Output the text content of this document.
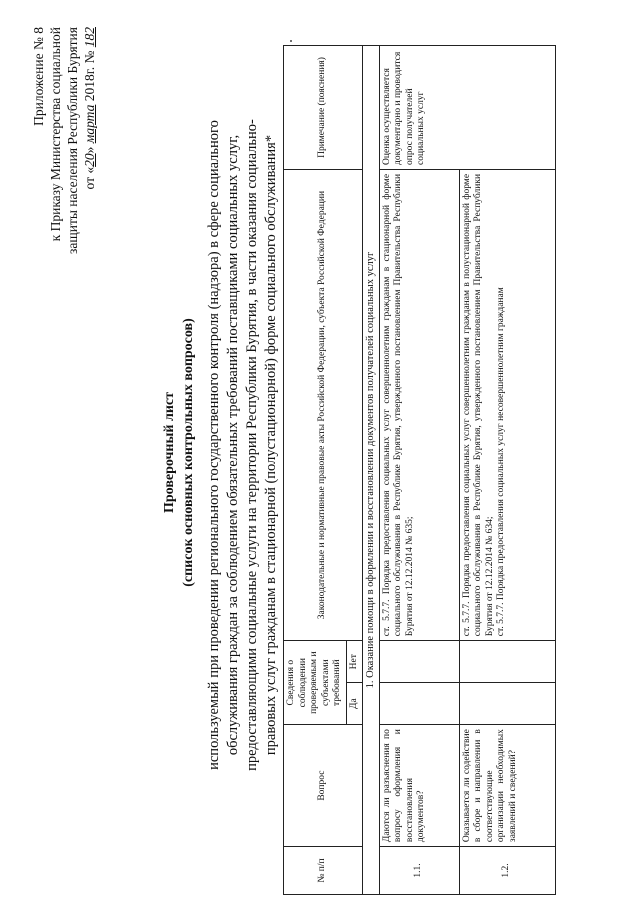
Приложение № 8 к Приказу Министерства социальной защиты населения Республики Бурятия от «20» марта 2018г. № 182
Проверочный лист (список основных контрольных вопросов) используемый при проведении регионального государственного контроля (надзора) в сфере социального обслуживания граждан за соблюдением обязательных требований поставщиками социальных услуг, предоставляющими социальные услуги на территории Республики Бурятия, в части оказания социально-правовых услуг гражданам в стационарной (полустационарной) форме социального обслуживания*
№ п/п	Вопрос	Сведения о соблюдении проверяемым и субъектами требований		Законодательные и нормативные правовые акты Российской Федерации, субъекта Российской Федерации	Примечание (пояснения)
		Да	Нет		
1. Оказание помощи в оформлении и восстановлении документов получателей социальных услуг					
1.1.	Даются ли разъяснения по вопросу оформления и восстановления документов?			ст. 5.7.7. Порядка предоставления социальных услуг совершеннолетним гражданам в стационарной форме социального обслуживания в Республике Бурятия, утвержденного постановлением Правительства Республики Бурятия от 12.12.2014 № 635;	Оценка осуществляется документарно и проводится опрос получателей социальных услуг
1.2.	Оказывается ли содействие в сборе и направлении в соответствующие организации необходимых заявлений и сведений?			ст. 5.7.7. Порядка предоставления социальных услуг совершеннолетним гражданам в полустационарной форме социального обслуживания в Республике Бурятия, утвержденного постановлением Правительства Республики Бурятия от 12.12.2014 № 634;
ст. 5.7.7. Порядка предоставления социальных услуг несовершеннолетним гражданам	
